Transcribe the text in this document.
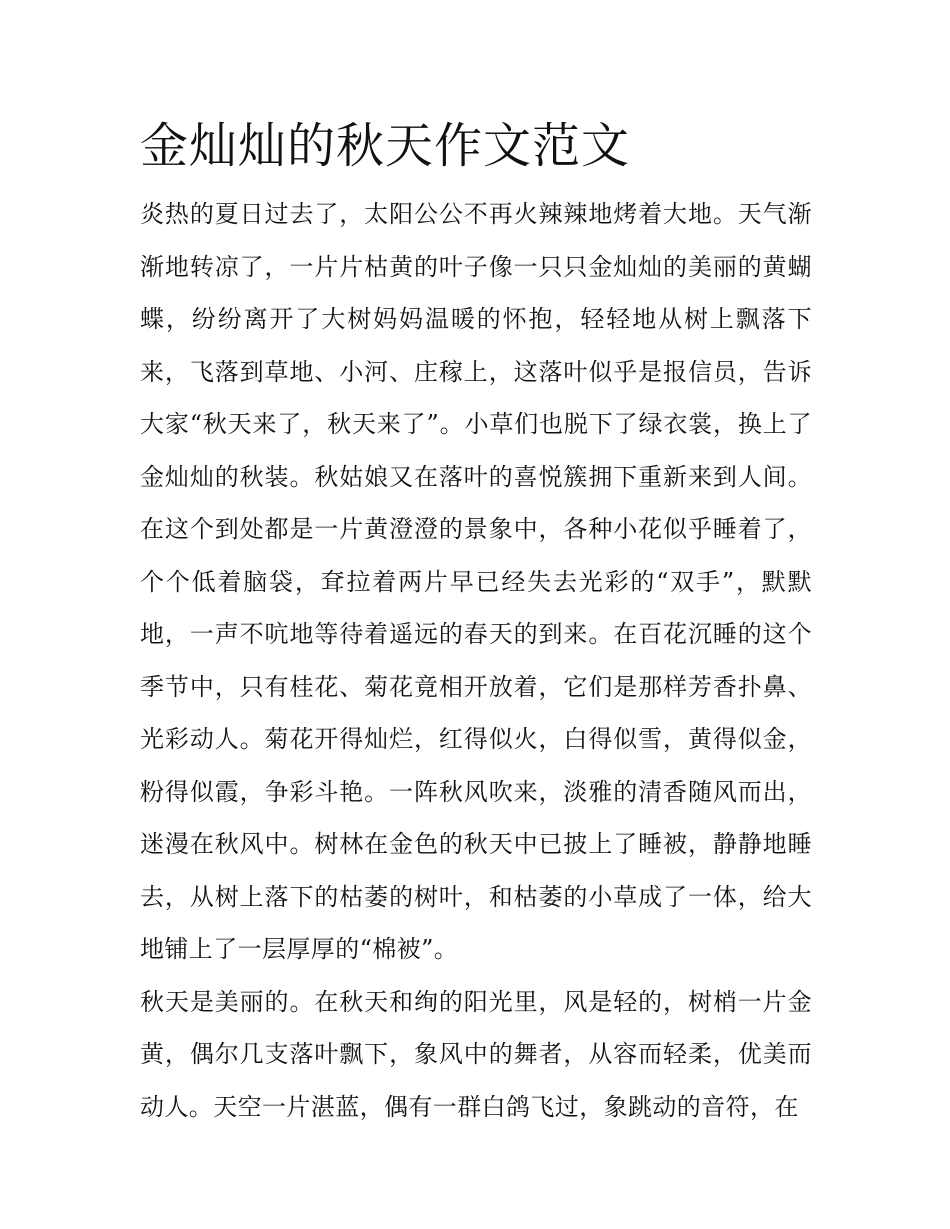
金灿灿的秋天作文范文

炎热的夏日过去了，太阳公公不再火辣辣地烤着大地。天气渐渐地转凉了，一片片枯黄的叶子像一只只金灿灿的美丽的黄蝴蝶，纷纷离开了大树妈妈温暖的怀抱，轻轻地从树上飘落下来，飞落到草地、小河、庄稼上，这落叶似乎是报信员，告诉大家“秋天来了，秋天来了”。小草们也脱下了绿衣裳，换上了金灿灿的秋装。秋姑娘又在落叶的喜悦簇拥下重新来到人间。在这个到处都是一片黄澄澄的景象中，各种小花似乎睡着了，个个低着脑袋，耷拉着两片早已经失去光彩的“双手”，默默地，一声不吭地等待着遥远的春天的到来。在百花沉睡的这个季节中，只有桂花、菊花竟相开放着，它们是那样芳香扑鼻、光彩动人。菊花开得灿烂，红得似火，白得似雪，黄得似金，粉得似霞，争彩斗艳。一阵秋风吹来，淡雅的清香随风而出，迷漫在秋风中。树林在金色的秋天中已披上了睡被，静静地睡去，从树上落下的枯萎的树叶，和枯萎的小草成了一体，给大地铺上了一层厚厚的“棉被”。

秋天是美丽的。在秋天和绚的阳光里，风是轻的，树梢一片金黄，偶尔几支落叶飘下，象风中的舞者，从容而轻柔，优美而动人。天空一片湛蓝，偶有一群白鸽飞过，象跳动的音符，在
